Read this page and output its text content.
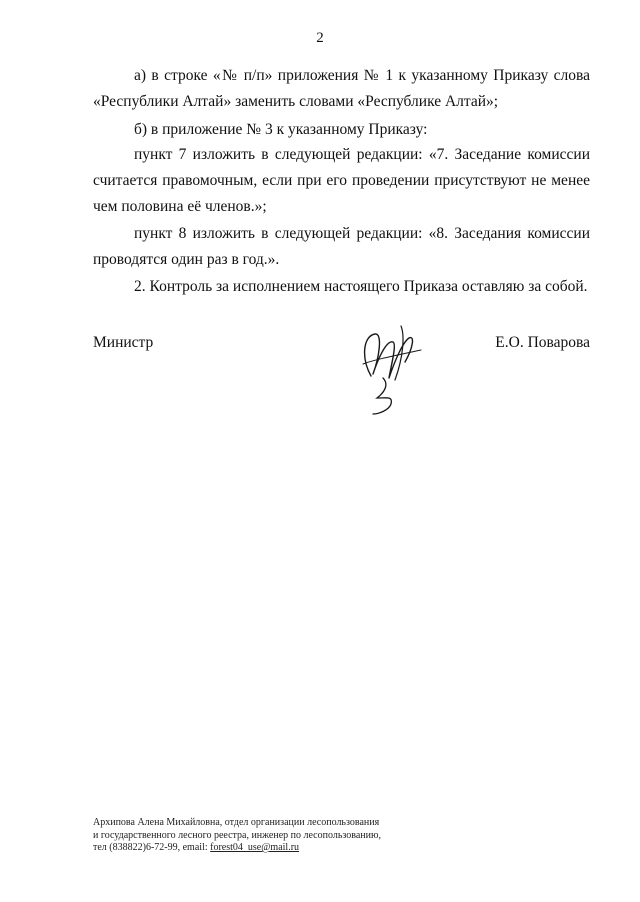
2

а) в строке «№ п/п» приложения № 1 к указанному Приказу слова «Республики Алтай» заменить словами «Республике Алтай»;

б) в приложение № 3 к указанному Приказу:

пункт 7 изложить в следующей редакции: «7. Заседание комиссии считается правомочным, если при его проведении присутствуют не менее чем половина её членов.»;

пункт 8 изложить в следующей редакции: «8. Заседания комиссии проводятся один раз в год.».

2. Контроль за исполнением настоящего Приказа оставляю за собой.

Министр	Е.О. Поварова
Архипова Алена Михайловна, отдел организации лесопользования
и государственного лесного реестра, инженер по лесопользованию,
тел (838822)6-72-99, email: forest04_use@mail.ru
